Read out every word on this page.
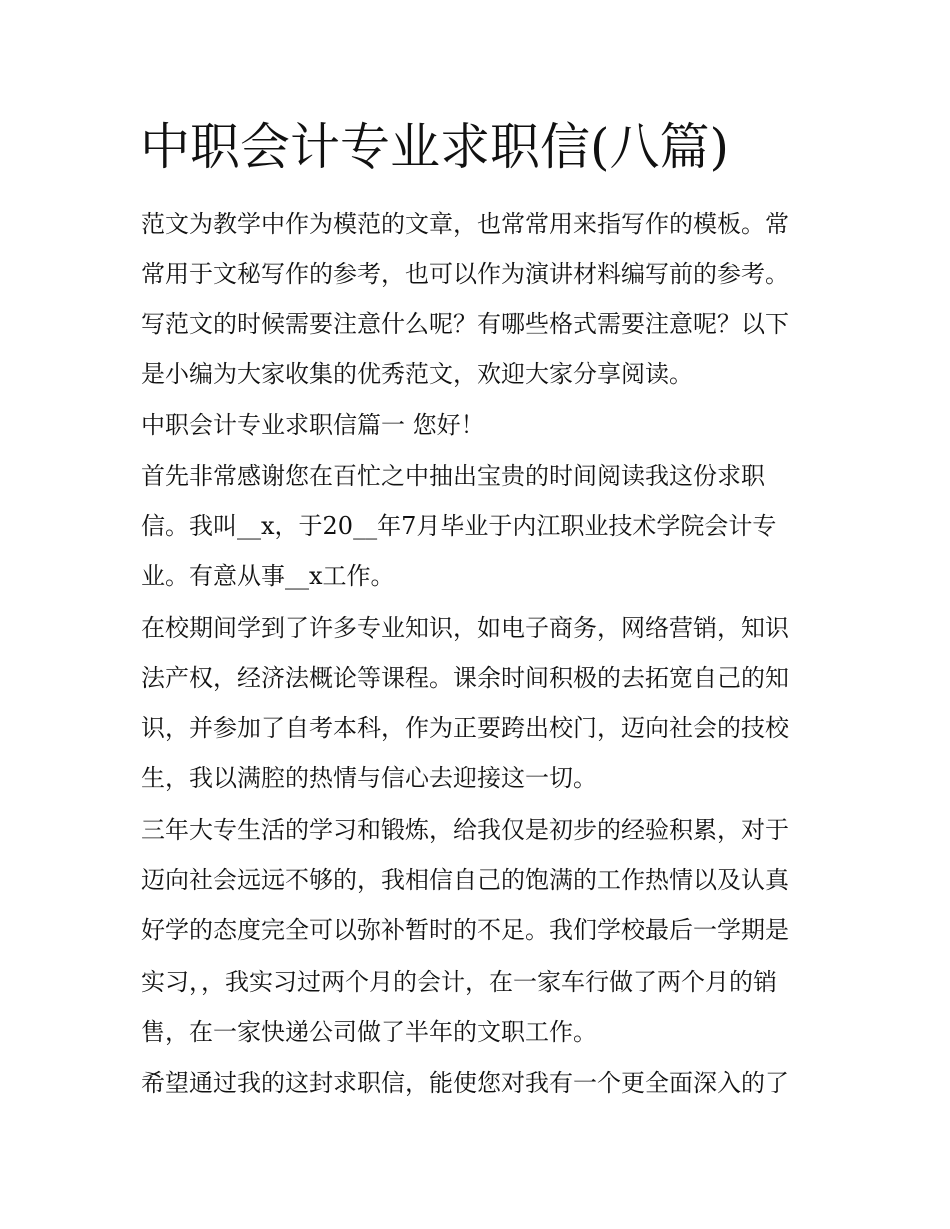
中职会计专业求职信(八篇)

范文为教学中作为模范的文章，也常常用来指写作的模板。常

常用于文秘写作的参考，也可以作为演讲材料编写前的参考。

写范文的时候需要注意什么呢？有哪些格式需要注意呢？以下

是小编为大家收集的优秀范文，欢迎大家分享阅读。

中职会计专业求职信篇一 您好！

首先非常感谢您在百忙之中抽出宝贵的时间阅读我这份求职

信。我叫__x，于20__年7月毕业于内江职业技术学院会计专

业。有意从事__x工作。

在校期间学到了许多专业知识，如电子商务，网络营销，知识

法产权，经济法概论等课程。课余时间积极的去拓宽自己的知

识，并参加了自考本科，作为正要跨出校门，迈向社会的技校

生，我以满腔的热情与信心去迎接这一切。

三年大专生活的学习和锻炼，给我仅是初步的经验积累，对于

迈向社会远远不够的，我相信自己的饱满的工作热情以及认真

好学的态度完全可以弥补暂时的不足。我们学校最后一学期是

实习，，我实习过两个月的会计，在一家车行做了两个月的销

售，在一家快递公司做了半年的文职工作。

希望通过我的这封求职信，能使您对我有一个更全面深入的了
